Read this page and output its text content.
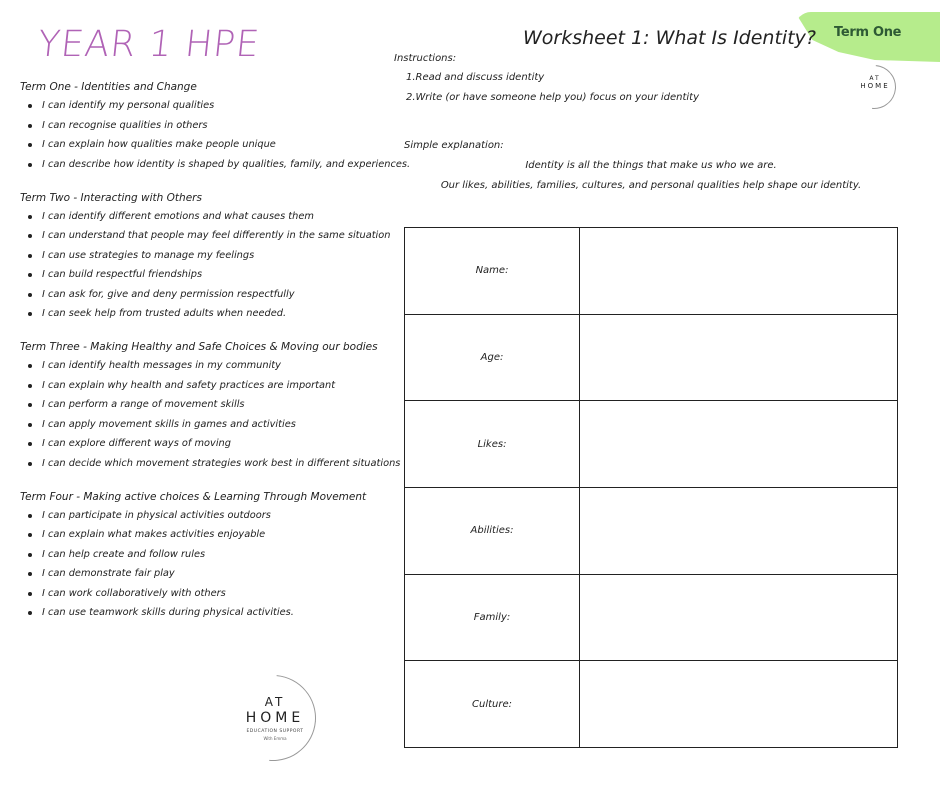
YEAR 1 HPE
Term One - Identities and Change
I can identify my personal qualities
I can recognise qualities in others
I can explain how qualities make people unique
I can describe how identity is shaped by qualities, family, and experiences.
Term Two - Interacting with Others
I can identify different emotions and what causes them
I can understand that people may feel differently in the same situation
I can use strategies to manage my feelings
I can build respectful friendships
I can ask for, give and deny permission respectfully
I can seek help from trusted adults when needed.
Term Three - Making Healthy and Safe Choices & Moving our bodies
I can identify health messages in my community
I can explain why health and safety practices are important
I can perform a range of movement skills
I can apply movement skills in games and activities
I can explore different ways of moving
I can decide which movement strategies work best in different situations
Term Four - Making active choices & Learning Through Movement
I can participate in physical activities outdoors
I can explain what makes activities enjoyable
I can help create and follow rules
I can demonstrate fair play
I can work collaboratively with others
I can use teamwork skills during physical activities.
AT
HOME
EDUCATION SUPPORT
With Emma
Term One
Worksheet 1: What Is Identity?
AT
HOME
Instructions:
1.Read and discuss identity
2.Write (or have someone help you) focus on your identity
Simple explanation:
Identity is all the things that make us who we are.
Our likes, abilities, families, cultures, and personal qualities help shape our identity.
Name:	
Age:	
Likes:	
Abilities:	
Family:	
Culture:	
